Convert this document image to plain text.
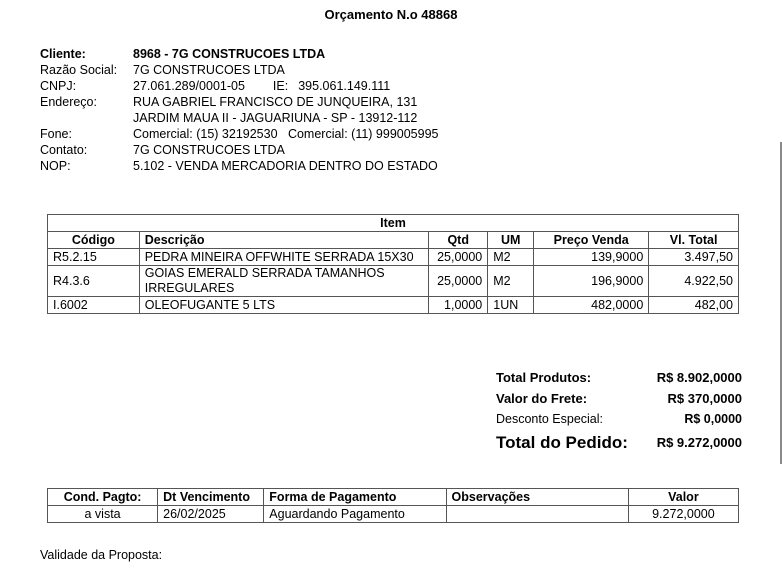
Orçamento N.o 48868
Cliente:	8968 - 7G CONSTRUCOES LTDA
Razão Social: 7G CONSTRUCOES LTDA
CNPJ:	27.061.289/0001-05 IE: 395.061.149.111
Endereço:	RUA GABRIEL FRANCISCO DE JUNQUEIRA, 131
JARDIM MAUA II - JAGUARIUNA - SP - 13912-112
Fone:	Comercial: (15) 32192530   Comercial: (11) 999005995
Contato:	7G CONSTRUCOES LTDA
NOP:	5.102 - VENDA MERCADORIA DENTRO DO ESTADO
Item					
Código	Descrição	Qtd	UM	Preço Venda	Vl. Total
R5.2.15	PEDRA MINEIRA OFFWHITE SERRADA 15X30	25,0000	M2	139,9000	3.497,50
R4.3.6	GOIAS EMERALD SERRADA TAMANHOS IRREGULARES	25,0000	M2	196,9000	4.922,50
I.6002	OLEOFUGANTE 5 LTS	1,0000	1UN	482,0000	482,00
Total Produtos:	R$ 8.902,0000
Valor do Frete:	R$ 370,0000
Desconto Especial:	R$ 0,0000
Total do Pedido: R$ 9.272,0000
Cond. Pagto:	Dt Vencimento	Forma de Pagamento	Observações	Valor
a vista	26/02/2025	Aguardando Pagamento		9.272,0000
Validade da Proposta:
